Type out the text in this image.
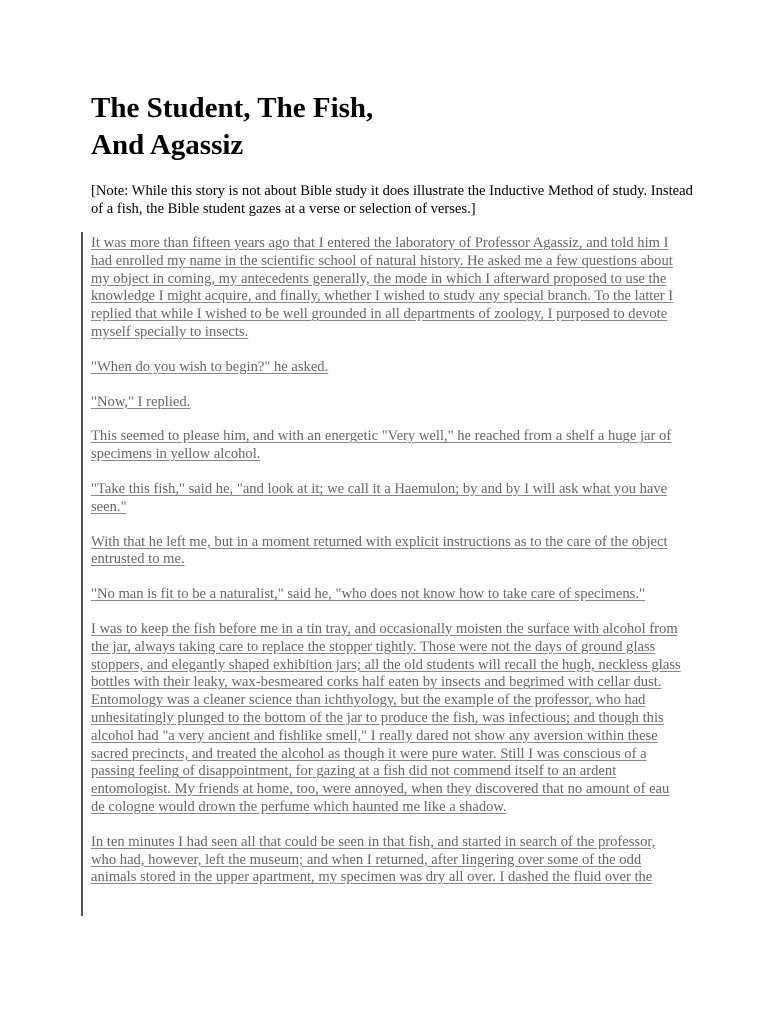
The Student, The Fish,
And Agassiz

[Note: While this story is not about Bible study it does illustrate the Inductive Method of study. Instead of a fish, the Bible student gazes at a verse or selection of verses.]

It was more than fifteen years ago that I entered the laboratory of Professor Agassiz, and told him I had enrolled my name in the scientific school of natural history. He asked me a few questions about my object in coming, my antecedents generally, the mode in which I afterward proposed to use the knowledge I might acquire, and finally, whether I wished to study any special branch. To the latter I replied that while I wished to be well grounded in all departments of zoology, I purposed to devote myself specially to insects.

"When do you wish to begin?" he asked.

"Now," I replied.

This seemed to please him, and with an energetic "Very well," he reached from a shelf a huge jar of specimens in yellow alcohol.

"Take this fish," said he, "and look at it; we call it a Haemulon; by and by I will ask what you have seen."

With that he left me, but in a moment returned with explicit instructions as to the care of the object entrusted to me.

"No man is fit to be a naturalist," said he, "who does not know how to take care of specimens."

I was to keep the fish before me in a tin tray, and occasionally moisten the surface with alcohol from the jar, always taking care to replace the stopper tightly. Those were not the days of ground glass stoppers, and elegantly shaped exhibition jars; all the old students will recall the hugh, neckless glass bottles with their leaky, wax-besmeared corks half eaten by insects and begrimed with cellar dust. Entomology was a cleaner science than ichthyology, but the example of the professor, who had unhesitatingly plunged to the bottom of the jar to produce the fish, was infectious; and though this alcohol had "a very ancient and fishlike smell," I really dared not show any aversion within these sacred precincts, and treated the alcohol as though it were pure water. Still I was conscious of a passing feeling of disappointment, for gazing at a fish did not commend itself to an ardent entomologist. My friends at home, too, were annoyed, when they discovered that no amount of eau de cologne would drown the perfume which haunted me like a shadow.

In ten minutes I had seen all that could be seen in that fish, and started in search of the professor, who had, however, left the museum; and when I returned, after lingering over some of the odd animals stored in the upper apartment, my specimen was dry all over. I dashed the fluid over the
